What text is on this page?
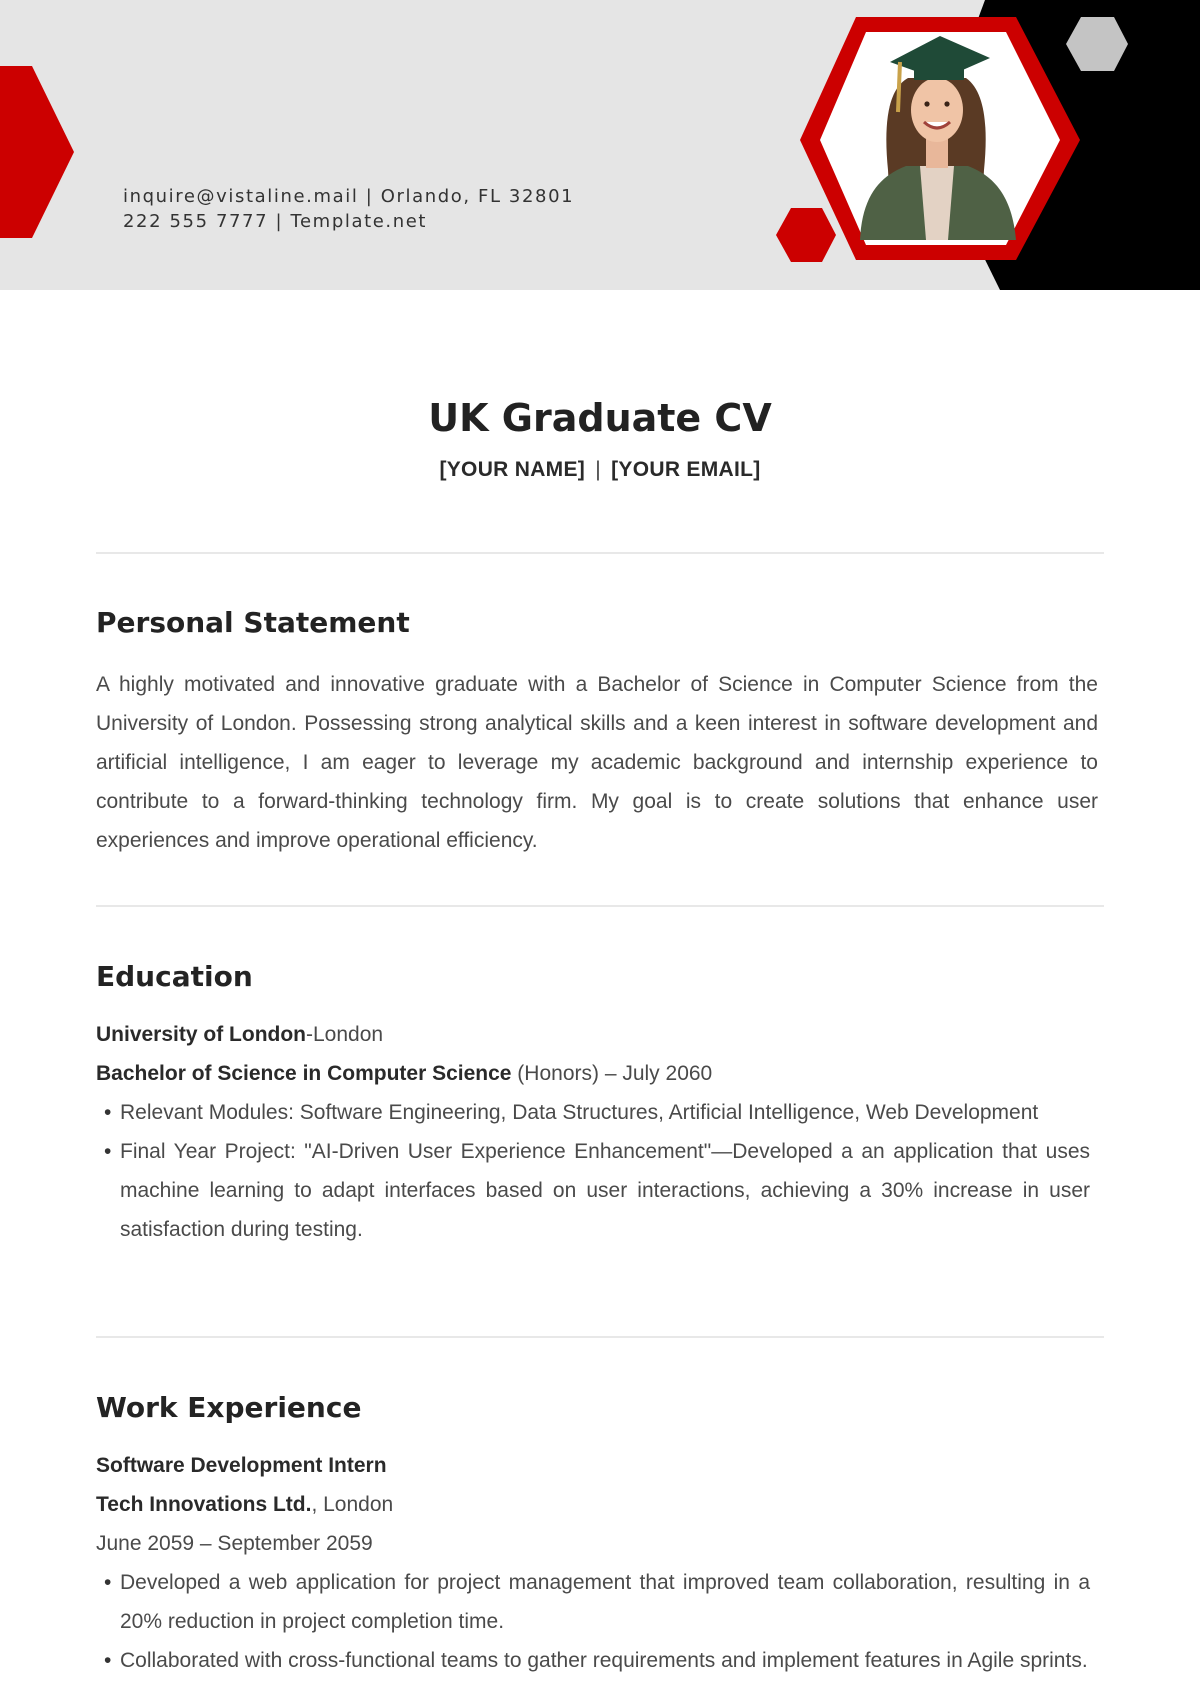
inquire@vistaline.mail | Orlando, FL 32801
222 555 7777 | Template.net
UK Graduate CV
[YOUR NAME] | [YOUR EMAIL]
Personal Statement
A highly motivated and innovative graduate with a Bachelor of Science in Computer Science from the University of London. Possessing strong analytical skills and a keen interest in software development and artificial intelligence, I am eager to leverage my academic background and internship experience to contribute to a forward-thinking technology firm. My goal is to create solutions that enhance user experiences and improve operational efficiency.
Education
University of London-London
Bachelor of Science in Computer Science (Honors) – July 2060
• Relevant Modules: Software Engineering, Data Structures, Artificial Intelligence, Web Development
• Final Year Project: "AI-Driven User Experience Enhancement"—Developed a an application that uses machine learning to adapt interfaces based on user interactions, achieving a 30% increase in user satisfaction during testing.
Work Experience
Software Development Intern
Tech Innovations Ltd., London
June 2059 – September 2059
• Developed a web application for project management that improved team collaboration, resulting in a 20% reduction in project completion time.
• Collaborated with cross-functional teams to gather requirements and implement features in Agile sprints.
